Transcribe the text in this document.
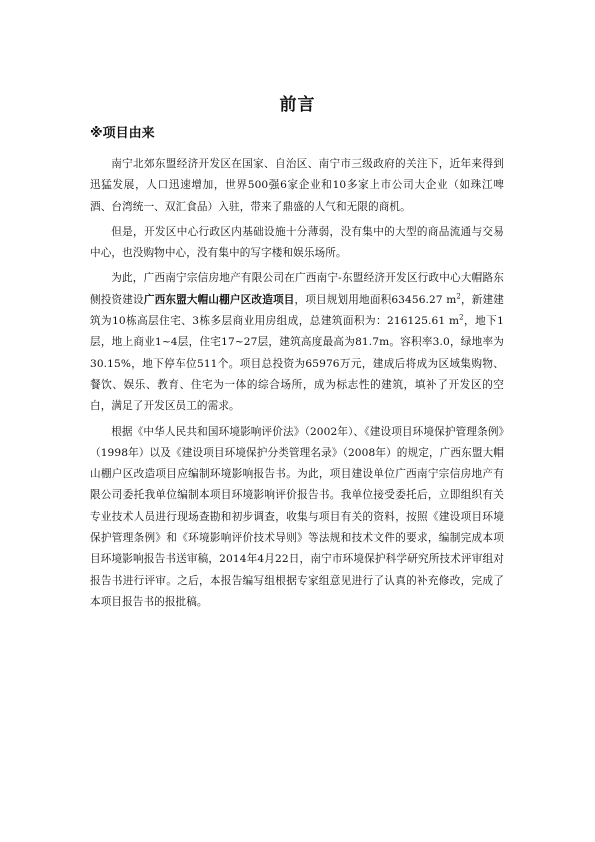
前言
※项目由来

南宁北郊东盟经济开发区在国家、自治区、南宁市三级政府的关注下，近年来得到迅猛发展，人口迅速增加，世界500强6家企业和10多家上市公司大企业（如珠江啤酒、台湾统一、双汇食品）入驻，带来了鼎盛的人气和无限的商机。

但是，开发区中心行政区内基础设施十分薄弱，没有集中的大型的商品流通与交易中心，也没购物中心，没有集中的写字楼和娱乐场所。

为此，广西南宁宗信房地产有限公司在广西南宁-东盟经济开发区行政中心大帽路东侧投资建设广西东盟大帽山棚户区改造项目，项目规划用地面积63456.27 $m^2$，新建建筑为10栋高层住宅、3栋多层商业用房组成，总建筑面积为：216125.61 $m^2$，地下1层，地上商业1~4层，住宅17~27层，建筑高度最高为81.7m。容积率3.0，绿地率为30.15%，地下停车位511个。项目总投资为65976万元，建成后将成为区域集购物、餐饮、娱乐、教育、住宅为一体的综合场所，成为标志性的建筑，填补了开发区的空白，满足了开发区员工的需求。

根据《中华人民共和国环境影响评价法》（2002年）、《建设项目环境保护管理条例》（1998年）以及《建设项目环境保护分类管理名录》（2008年）的规定，广西东盟大帽山棚户区改造项目应编制环境影响报告书。为此，项目建设单位广西南宁宗信房地产有限公司委托我单位编制本项目环境影响评价报告书。我单位接受委托后，立即组织有关专业技术人员进行现场查勘和初步调查，收集与项目有关的资料，按照《建设项目环境保护管理条例》和《环境影响评价技术导则》等法规和技术文件的要求，编制完成本项目环境影响报告书送审稿，2014年4月22日，南宁市环境保护科学研究所技术评审组对报告书进行评审。之后，本报告编写组根据专家组意见进行了认真的补充修改，完成了本项目报告书的报批稿。
